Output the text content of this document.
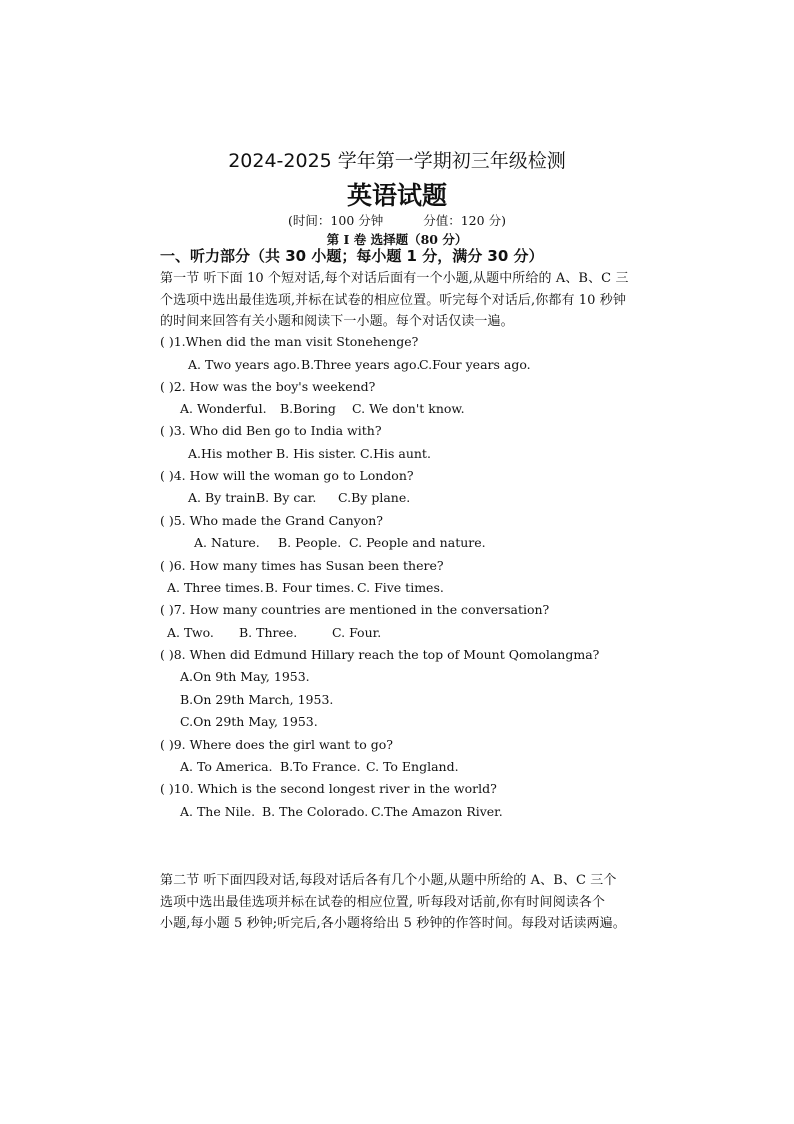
2024-2025 学年第一学期初三年级检测
英语试题
(时间：100 分钟	分值：120 分)
第 I 卷 选择题（80 分）
一、听力部分（共 30 小题；每小题 1 分，满分 30 分）
第一节 听下面 10 个短对话,每个对话后面有一个小题,从题中所给的 A、B、C 三
个选项中选出最佳选项,并标在试卷的相应位置。听完每个对话后,你都有 10 秒钟
的时间来回答有关小题和阅读下一小题。每个对话仅读一遍。
( )1.When did the man visit Stonehenge?
A. Two years ago.B.Three years ago.C.Four years ago.
( )2. How was the boy's weekend?
A. Wonderful. B.Boring C. We don't know.
( )3. Who did Ben go to India with?
A.His mother B. His sister. C.His aunt.
( )4. How will the woman go to London?
A. By train.B. By car. C.By plane.
( )5. Who made the Grand Canyon?
A. Nature. B. People. C. People and nature.
( )6. How many times has Susan been there?
A. Three times.B. Four times. C. Five times.
( )7. How many countries are mentioned in the conversation?
A. Two. B. Three.	C. Four.
( )8. When did Edmund Hillary reach the top of Mount Qomolangma?
A.On 9th May, 1953.
B.On 29th March, 1953.
C.On 29th May, 1953.
( )9. Where does the girl want to go?
A. To America. B.To France. C. To England.
( )10. Which is the second longest river in the world?
A. The Nile. B. The Colorado. C.The Amazon River.
第二节 听下面四段对话,每段对话后各有几个小题,从题中所给的 A、B、C 三个
选项中选出最佳选项并标在试卷的相应位置, 听每段对话前,你有时间阅读各个
小题,每小题 5 秒钟;听完后,各小题将给出 5 秒钟的作答时间。每段对话读两遍。
